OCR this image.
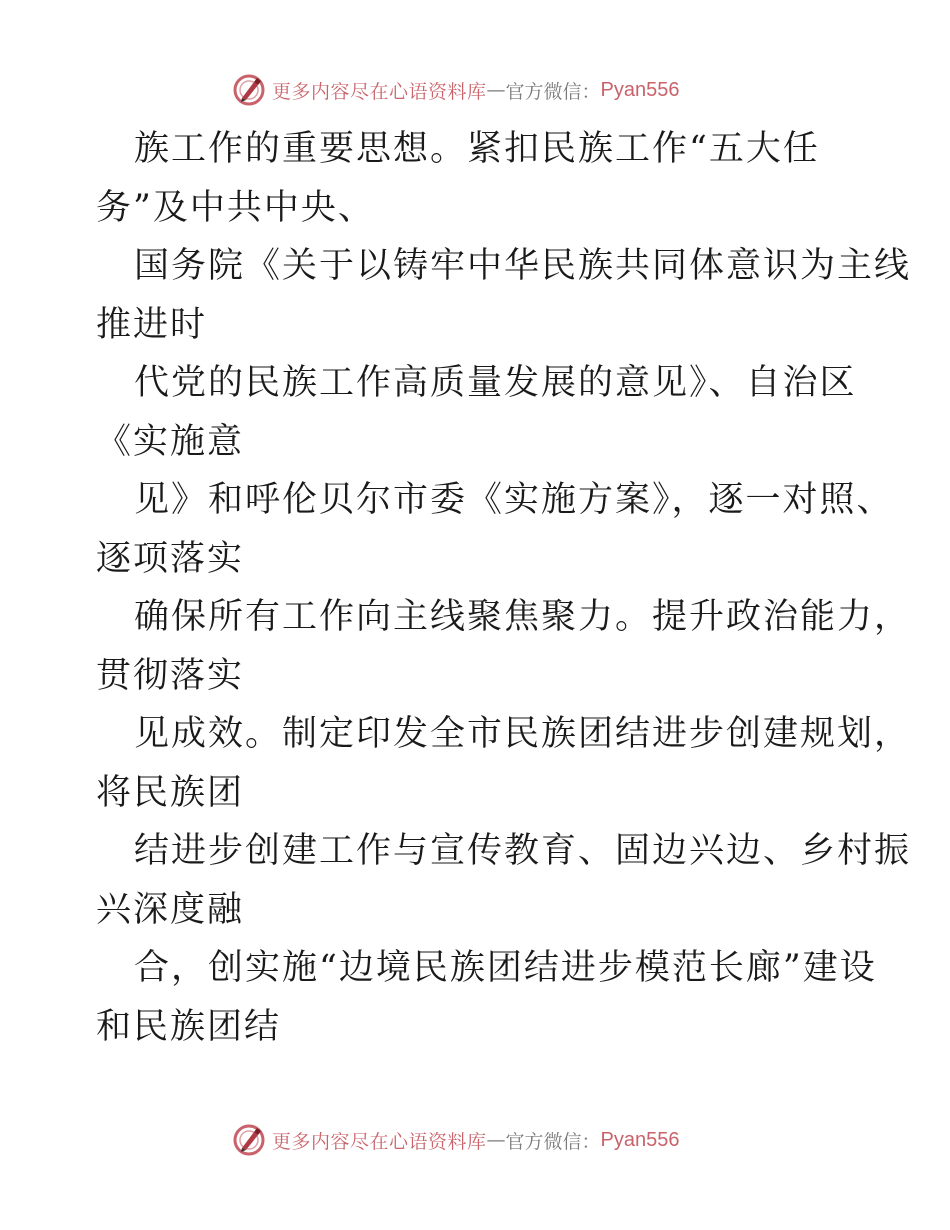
更多内容尽在心语资料库 — 官方微信： Pyan556
族工作的重要思想。紧扣民族工作“五大任
务”及中共中央、
国务院《关于以铸牢中华民族共同体意识为主线
推进时
代党的民族工作高质量发展的意见》、自治区
《实施意
见》和呼伦贝尔市委《实施方案》，逐一对照、
逐项落实
确保所有工作向主线聚焦聚力。提升政治能力，
贯彻落实
见成效。制定印发全市民族团结进步创建规划，
将民族团
结进步创建工作与宣传教育、固边兴边、乡村振
兴深度融
合，创实施“边境民族团结进步模范长廊”建设
和民族团结
更多内容尽在心语资料库 — 官方微信： Pyan556
